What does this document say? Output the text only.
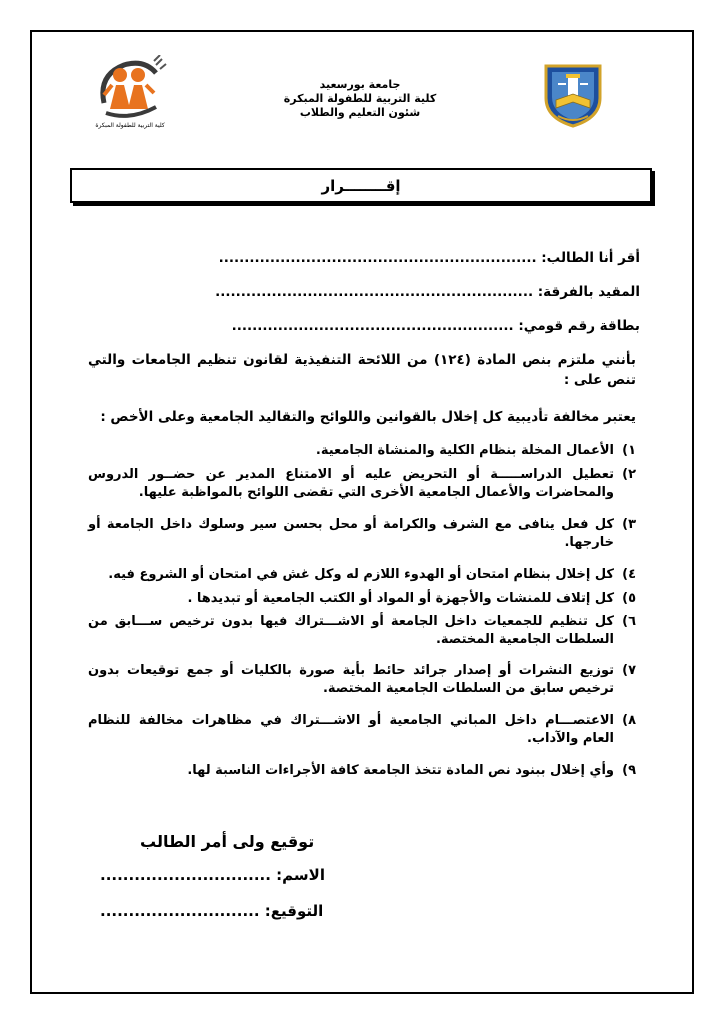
كلية التربية للطفولة المبكرة
جامعة بورسعيد
كلية التربية للطفولة المبكرة
شئون التعليم والطلاب
إقــــــــرار
أقر أنا الطالب: ..............................................................
المقيد بالفرقة: ..............................................................
بطاقة رقم قومي: .......................................................
بأنني ملتزم بنص المادة (١٢٤) من اللائحة التنفيذية لقانون تنظيم الجامعات والتي تنص على :
يعتبر مخالفة تأديبية كل إخلال بالقوانين واللوائح والتقاليد الجامعية وعلى الأخص :
١)
الأعمال المخلة بنظام الكلية والمنشاة الجامعية.
٢)
تعطيل الدراســـــة أو التحريض عليه أو الامتناع المدير عن حضــور الدروس والمحاضرات والأعمال الجامعية الأخرى التي تقضى اللوائح بالمواظبة عليها.
٣)
كل فعل ينافى مع الشرف والكرامة أو محل بحسن سير وسلوك داخل الجامعة أو خارجها.
٤)
كل إخلال بنظام امتحان أو الهدوء اللازم له وكل غش في امتحان أو الشروع فيه.
٥)
كل إتلاف للمنشات والأجهزة أو المواد أو الكتب الجامعية أو تبديدها .
٦)
كل تنظيم للجمعيات داخل الجامعة أو الاشـــتراك فيها بدون ترخيص ســـابق من السلطات الجامعية المختصة.
٧)
توزيع النشرات أو إصدار جرائد حائط بأية صورة بالكليات أو جمع توقيعات بدون ترخيص سابق من السلطات الجامعية المختصة.
٨)
الاعتصـــام داخل المباني الجامعية أو الاشـــتراك في مظاهرات مخالفة للنظام العام والآداب.
٩)
وأي إخلال ببنود نص المادة تتخذ الجامعة كافة الأجراءات الناسبة لها.
توقيع ولى أمر الطالب
الاسم: ..............................
التوقيع: ............................
